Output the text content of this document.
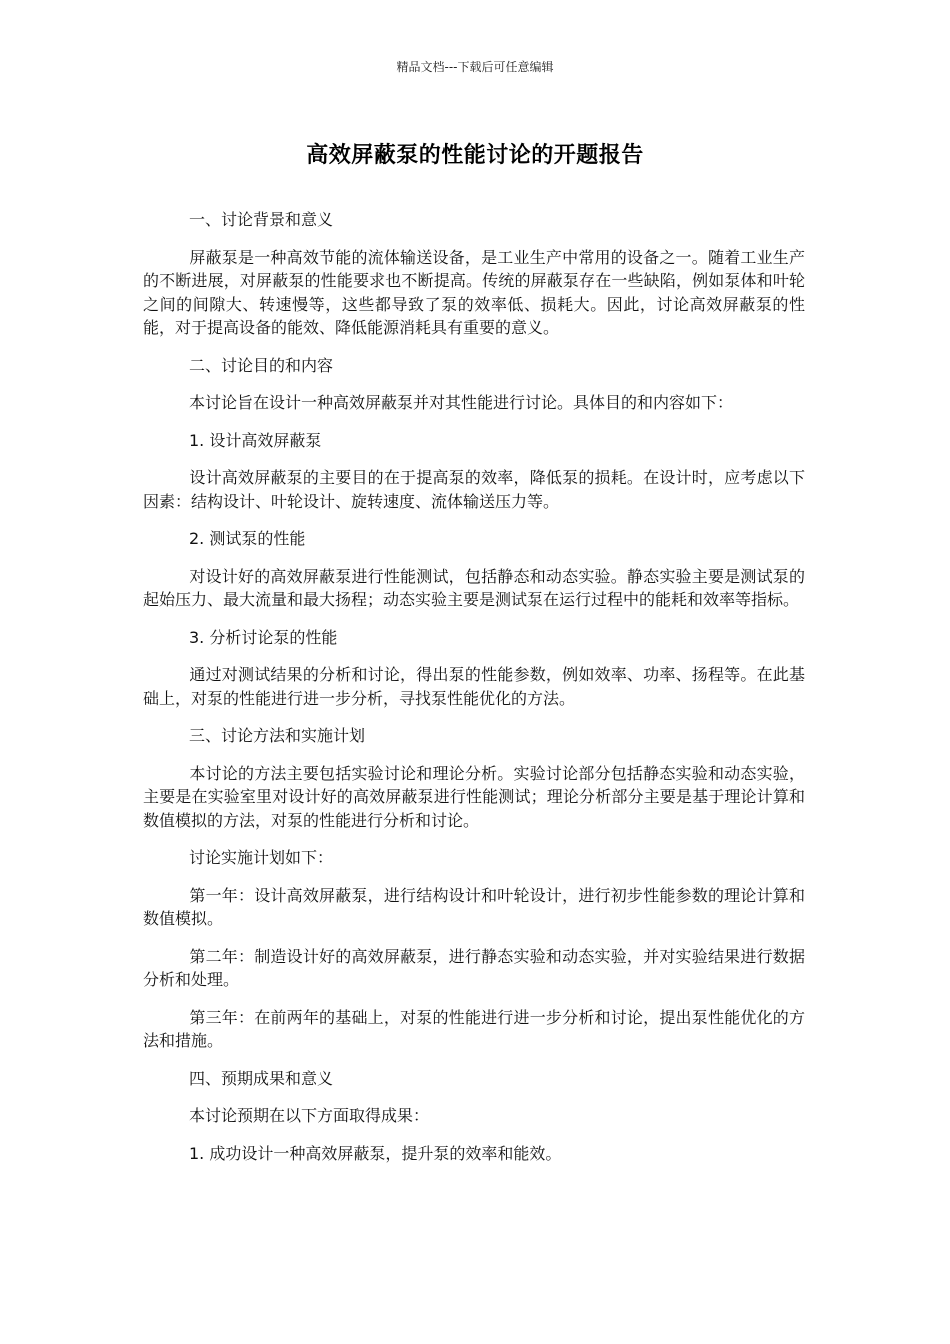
精品文档---下载后可任意编辑
高效屏蔽泵的性能讨论的开题报告
一、讨论背景和意义
屏蔽泵是一种高效节能的流体输送设备，是工业生产中常用的设备之一。随着工业生产的不断进展，对屏蔽泵的性能要求也不断提高。传统的屏蔽泵存在一些缺陷，例如泵体和叶轮之间的间隙大、转速慢等，这些都导致了泵的效率低、损耗大。因此，讨论高效屏蔽泵的性能，对于提高设备的能效、降低能源消耗具有重要的意义。
二、讨论目的和内容
本讨论旨在设计一种高效屏蔽泵并对其性能进行讨论。具体目的和内容如下：
1. 设计高效屏蔽泵
设计高效屏蔽泵的主要目的在于提高泵的效率，降低泵的损耗。在设计时，应考虑以下因素：结构设计、叶轮设计、旋转速度、流体输送压力等。
2. 测试泵的性能
对设计好的高效屏蔽泵进行性能测试，包括静态和动态实验。静态实验主要是测试泵的起始压力、最大流量和最大扬程；动态实验主要是测试泵在运行过程中的能耗和效率等指标。
3. 分析讨论泵的性能
通过对测试结果的分析和讨论，得出泵的性能参数，例如效率、功率、扬程等。在此基础上，对泵的性能进行进一步分析，寻找泵性能优化的方法。
三、讨论方法和实施计划
本讨论的方法主要包括实验讨论和理论分析。实验讨论部分包括静态实验和动态实验，主要是在实验室里对设计好的高效屏蔽泵进行性能测试；理论分析部分主要是基于理论计算和数值模拟的方法，对泵的性能进行分析和讨论。
讨论实施计划如下：
第一年：设计高效屏蔽泵，进行结构设计和叶轮设计，进行初步性能参数的理论计算和数值模拟。
第二年：制造设计好的高效屏蔽泵，进行静态实验和动态实验，并对实验结果进行数据分析和处理。
第三年：在前两年的基础上，对泵的性能进行进一步分析和讨论，提出泵性能优化的方法和措施。
四、预期成果和意义
本讨论预期在以下方面取得成果：
1. 成功设计一种高效屏蔽泵，提升泵的效率和能效。
